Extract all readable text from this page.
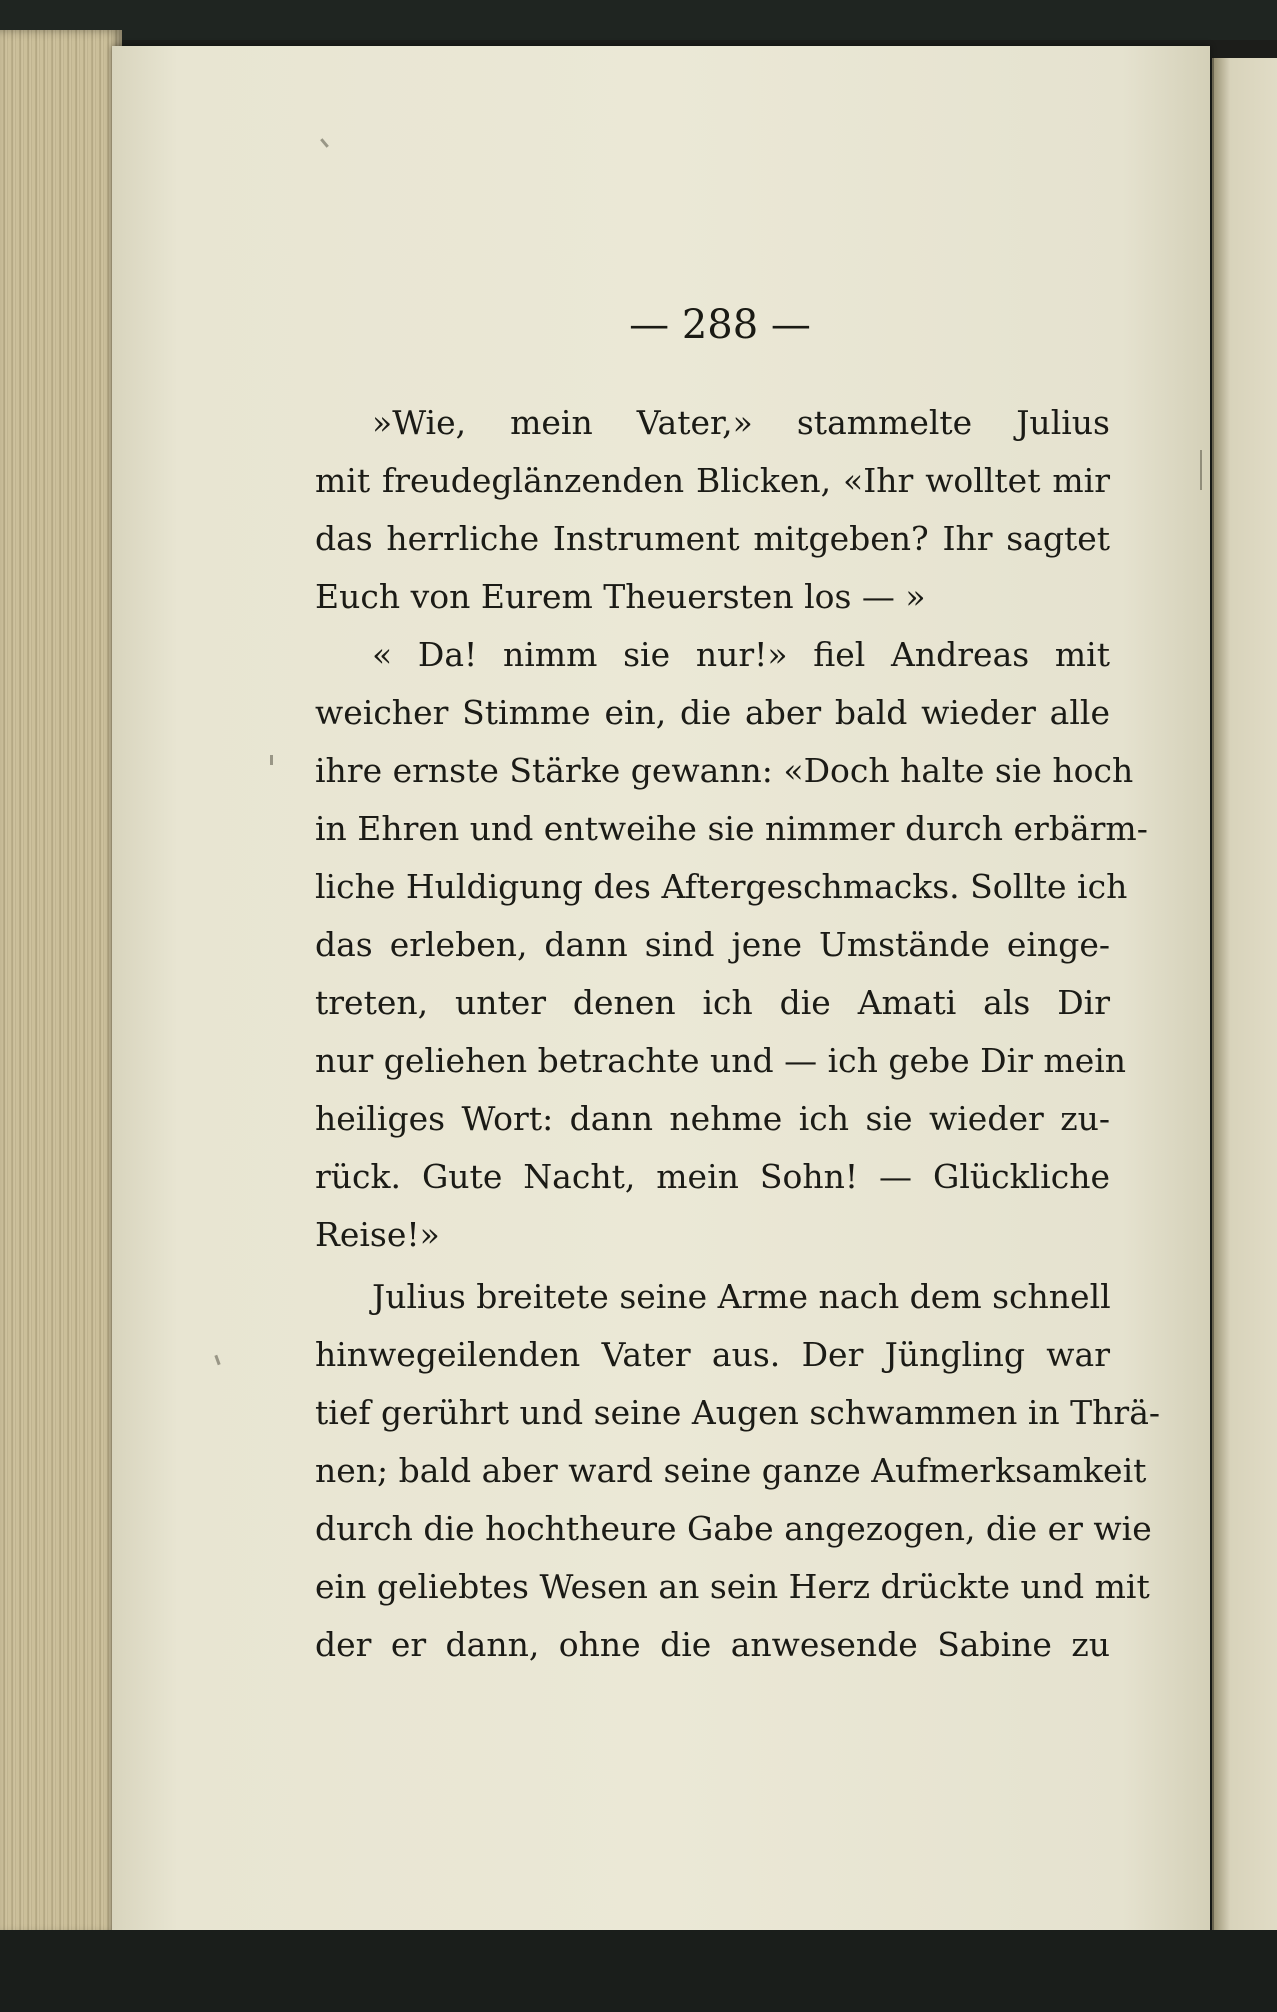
— 288 —
»Wie, mein Vater,» stammelte Julius
mit freudeglänzenden Blicken, «Ihr wolltet mir
das herrliche Instrument mitgeben? Ihr sagtet
Euch von Eurem Theuersten los — »
« Da! nimm sie nur!» fiel Andreas mit
weicher Stimme ein, die aber bald wieder alle
ihre ernste Stärke gewann: «Doch halte sie hoch
in Ehren und entweihe sie nimmer durch erbärm-
liche Huldigung des Aftergeschmacks. Sollte ich
das erleben, dann sind jene Umstände einge-
treten, unter denen ich die Amati als Dir
nur geliehen betrachte und — ich gebe Dir mein
heiliges Wort: dann nehme ich sie wieder zu-
rück. Gute Nacht, mein Sohn! — Glückliche
Reise!»
Julius breitete seine Arme nach dem schnell
hinwegeilenden Vater aus. Der Jüngling war
tief gerührt und seine Augen schwammen in Thrä-
nen; bald aber ward seine ganze Aufmerksamkeit
durch die hochtheure Gabe angezogen, die er wie
ein geliebtes Wesen an sein Herz drückte und mit
der er dann, ohne die anwesende Sabine zu
